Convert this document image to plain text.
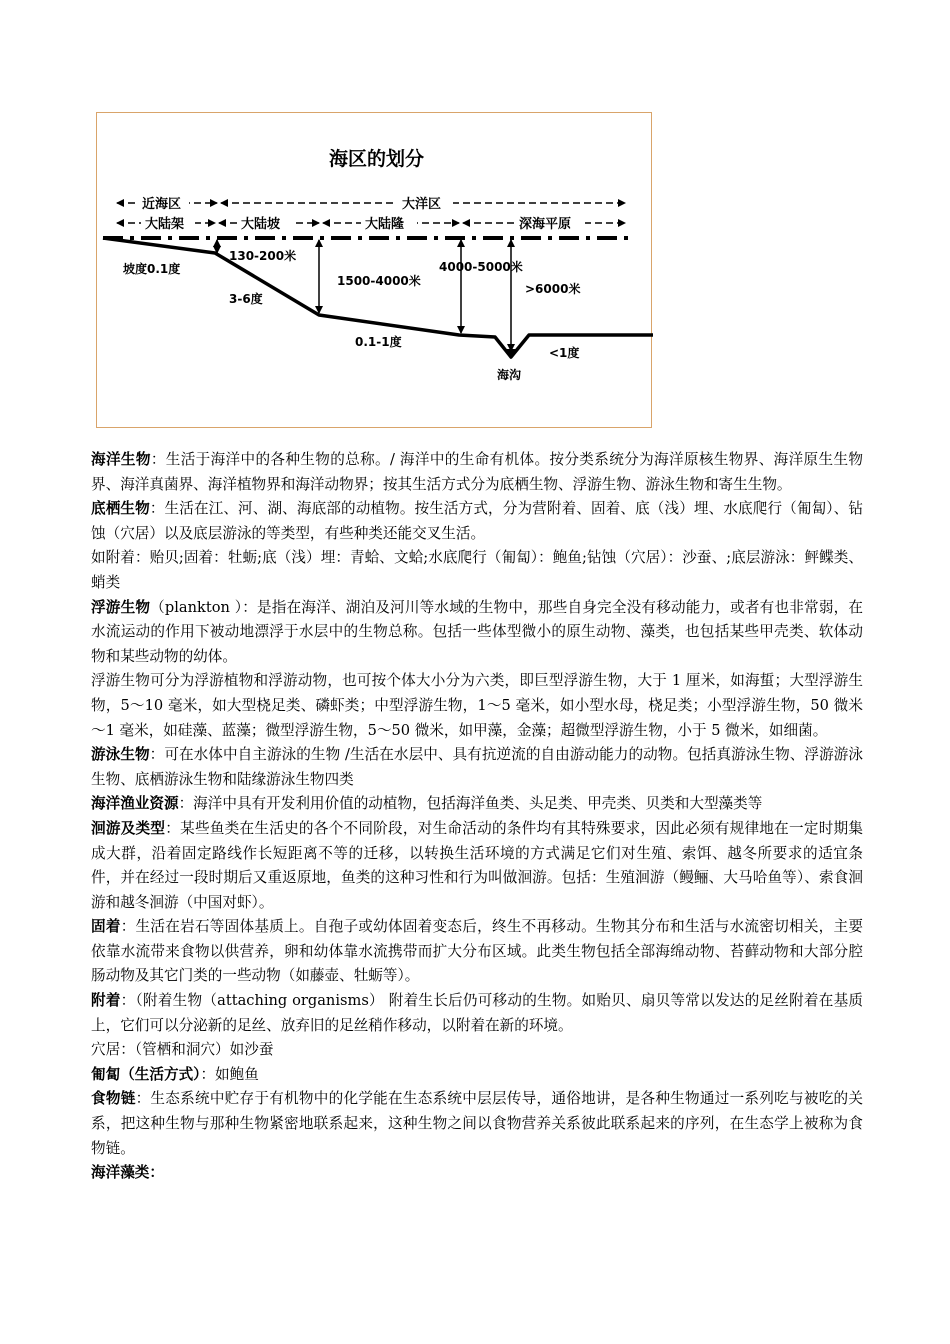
海区的划分
近海区	大洋区
大陆架	大陆坡	大陆隆	深海平原
130-200米
1500-4000米
4000-5000米
>6000米
坡度0.1度
3-6度
0.1-1度
<1度
海沟

海洋生物：生活于海洋中的各种生物的总称。/ 海洋中的生命有机体。按分类系统分为海洋原核生物界、海洋原生生物界、海洋真菌界、海洋植物界和海洋动物界；按其生活方式分为底栖生物、浮游生物、游泳生物和寄生生物。

底栖生物：生活在江、河、湖、海底部的动植物。按生活方式，分为营附着、固着、底（浅）埋、水底爬行（匍匐）、钻蚀（穴居）以及底层游泳的等类型，有些种类还能交叉生活。

如附着：贻贝;固着：牡蛎;底（浅）埋：青蛤、文蛤;水底爬行（匍匐）：鲍鱼;钻蚀（穴居）：沙蚕、;底层游泳：鲆鲽类、蛸类

浮游生物（plankton ）：是指在海洋、湖泊及河川等水域的生物中，那些自身完全没有移动能力，或者有也非常弱，在水流运动的作用下被动地漂浮于水层中的生物总称。包括一些体型微小的原生动物、藻类，也包括某些甲壳类、软体动物和某些动物的幼体。

浮游生物可分为浮游植物和浮游动物，也可按个体大小分为六类，即巨型浮游生物，大于 1 厘米，如海蜇；大型浮游生物，5～10 毫米，如大型桡足类、磷虾类；中型浮游生物，1～5 毫米，如小型水母，桡足类；小型浮游生物，50 微米～1 毫米，如硅藻、蓝藻；微型浮游生物，5～50 微米，如甲藻，金藻；超微型浮游生物，小于 5 微米，如细菌。

游泳生物：可在水体中自主游泳的生物 /生活在水层中、具有抗逆流的自由游动能力的动物。包括真游泳生物、浮游游泳生物、底栖游泳生物和陆缘游泳生物四类

海洋渔业资源：海洋中具有开发利用价值的动植物，包括海洋鱼类、头足类、甲壳类、贝类和大型藻类等

洄游及类型：某些鱼类在生活史的各个不同阶段，对生命活动的条件均有其特殊要求，因此必须有规律地在一定时期集成大群，沿着固定路线作长短距离不等的迁移，以转换生活环境的方式满足它们对生殖、索饵、越冬所要求的适宜条件，并在经过一段时期后又重返原地，鱼类的这种习性和行为叫做洄游。包括：生殖洄游（鳗鲡、大马哈鱼等）、索食洄游和越冬洄游（中国对虾）。

固着：生活在岩石等固体基质上。自孢子或幼体固着变态后，终生不再移动。生物其分布和生活与水流密切相关，主要依靠水流带来食物以供营养，卵和幼体靠水流携带而扩大分布区域。此类生物包括全部海绵动物、苔藓动物和大部分腔肠动物及其它门类的一些动物（如藤壶、牡蛎等）。

附着：（附着生物（attaching organisms） 附着生长后仍可移动的生物。如贻贝、扇贝等常以发达的足丝附着在基质上，它们可以分泌新的足丝、放弃旧的足丝稍作移动，以附着在新的环境。

穴居：（管栖和洞穴）如沙蚕

匍匐（生活方式）：如鲍鱼

食物链：生态系统中贮存于有机物中的化学能在生态系统中层层传导，通俗地讲，是各种生物通过一系列吃与被吃的关系，把这种生物与那种生物紧密地联系起来，这种生物之间以食物营养关系彼此联系起来的序列，在生态学上被称为食物链。

海洋藻类：
